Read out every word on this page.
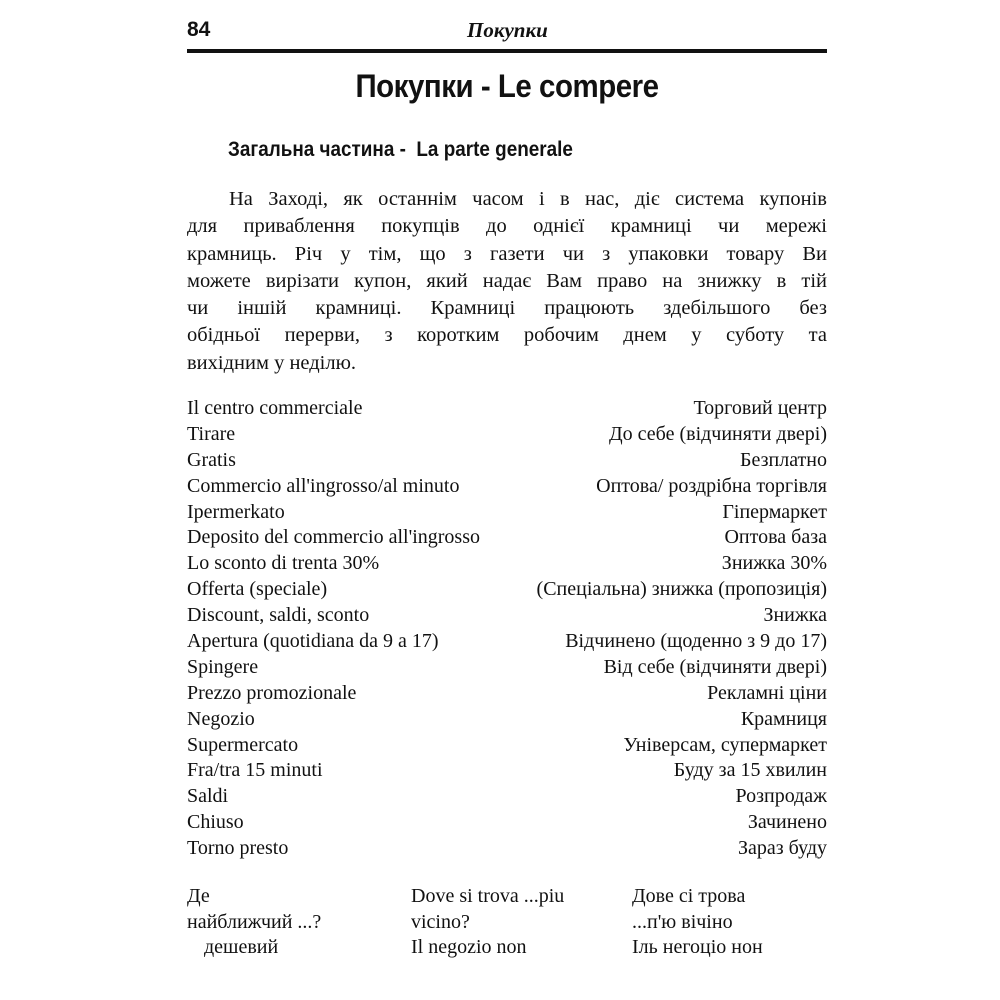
84	Покупки
Покупки - Le compere
Загальна частина -  La parte generale

На Заході, як останнім часом і в нас, діє система купонів
для приваблення покупців до однієї крамниці чи мережі
крамниць. Річ у тім, що з газети чи з упаковки товару Ви
можете вирізати купон, який надає Вам право на знижку в тій
чи іншій крамниці. Крамниці працюють здебільшого без
обідньої перерви, з коротким робочим днем у суботу та
вихідним у неділю.

Il centro commerciale	Торговий центр
Tirare	До себе (відчиняти двері)
Gratis	Безплатно
Commercio all'ingrosso/al minuto	Оптова/ роздрібна торгівля
Ipermerkato	Гіпермаркет
Deposito del commercio all'ingrosso	Оптова база
Lo sconto di trenta 30%	Знижка 30%
Offerta (speciale)	(Спеціальна) знижка (пропозиція)
Discount, saldi, sconto	Знижка
Apertura (quotidiana da 9 a 17)	Відчинено (щоденно з 9 до 17)
Spingere	Від себе (відчиняти двері)
Prezzo promozionale	Рекламні ціни
Negozio	Крамниця
Supermercato	Універсам, супермаркет
Fra/tra 15 minuti	Буду за 15 хвилин
Saldi	Розпродаж
Chiuso	Зачинено
Torno presto	Зараз буду
Де	Dove si trova ...piu	Дове сі трова
найближчий ...?	vicino?	...п'ю вічіно
дешевий	Il negozio non	Іль негоціо нон
